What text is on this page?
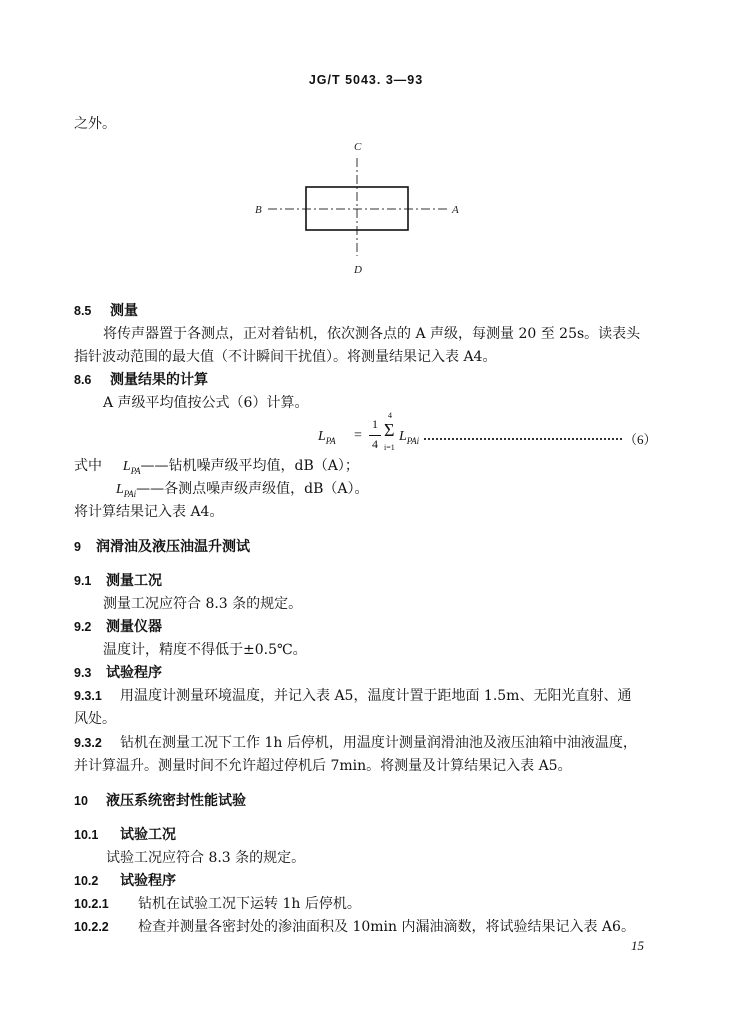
JG/T 5043. 3—93
之外。
C
B	A
D
8.5 测量
将传声器置于各测点，正对着钻机，依次测各点的 A 声级，每测量 20 至 25s。读表头
指针波动范围的最大值（不计瞬间干扰值）。将测量结果记入表 A4。
8.6 测量结果的计算
A 声级平均值按公式（6）计算。
$L_{PA}$ =
1
4
4
Σ
i=1
$L_{PAi}$	（6）
式中 $L_{PA}——$钻机噪声级平均值，dB（A）；
$L_{PAi}——$各测点噪声级声级值，dB（A）。
将计算结果记入表 A4。
9 润滑油及液压油温升测试
9.1 测量工况
测量工况应符合 8.3 条的规定。
9.2 测量仪器
温度计，精度不得低于±0.5℃。
9.3 试验程序
9.3.1 用温度计测量环境温度，并记入表 A5，温度计置于距地面 1.5m、无阳光直射、通
风处。
9.3.2 钻机在测量工况下工作 1h 后停机，用温度计测量润滑油池及液压油箱中油液温度，
并计算温升。测量时间不允许超过停机后 7min。将测量及计算结果记入表 A5。
10 液压系统密封性能试验
10.1 试验工况
试验工况应符合 8.3 条的规定。
10.2 试验程序
10.2.1 钻机在试验工况下运转 1h 后停机。
10.2.2 检查并测量各密封处的渗油面积及 10min 内漏油滴数，将试验结果记入表 A6。
15
